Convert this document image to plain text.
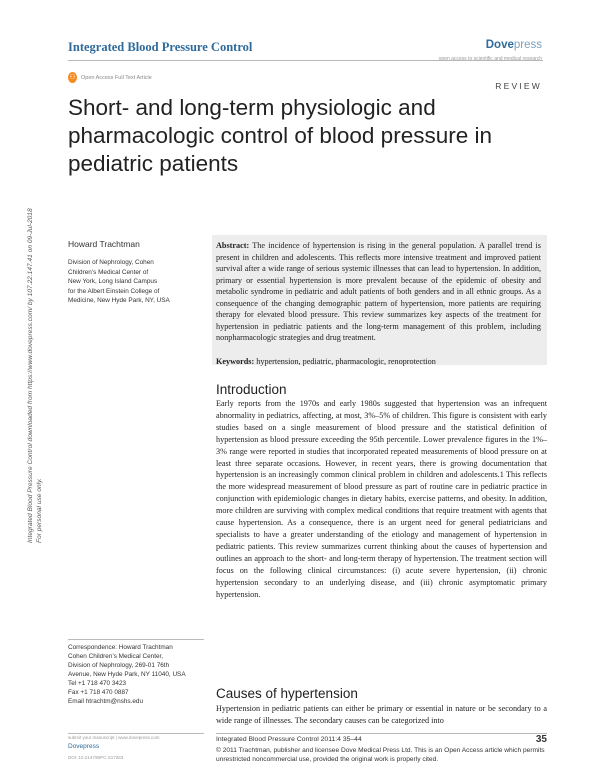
Integrated Blood Pressure Control	Dovepress
open access to scientific and medical research
⚇ Open Access Full Text Article
REVIEW
Short- and long-term physiologic and pharmacologic control of blood pressure in pediatric patients
Integrated Blood Pressure Control downloaded from https://www.dovepress.com/ by 107.22.147.41 on 09-Jul-2018
For personal use only.
Howard Trachtman
Division of Nephrology, Cohen
Children’s Medical Center of
New York, Long Island Campus
for the Albert Einstein College of
Medicine, New Hyde Park, NY, USA
Correspondence: Howard Trachtman
Cohen Children’s Medical Center,
Division of Nephrology, 269-01 76th
Avenue, New Hyde Park, NY 11040, USA
Tel +1 718 470 3423
Fax +1 718 470 0887
Email htrachtm@nshs.edu
Abstract: The incidence of hypertension is rising in the general population. A parallel trend is present in children and adolescents. This reflects more intensive treatment and improved patient survival after a wide range of serious systemic illnesses that can lead to hypertension. In addition, primary or essential hypertension is more prevalent because of the epidemic of obesity and metabolic syndrome in pediatric and adult patients of both genders and in all ethnic groups. As a consequence of the changing demographic pattern of hypertension, more patients are requiring therapy for elevated blood pressure. This review summarizes key aspects of the treatment for hypertension in pediatric patients and the long-term management of this problem, including nonpharmacologic strategies and drug treatment.
Keywords: hypertension, pediatric, pharmacologic, renoprotection
Introduction
Early reports from the 1970s and early 1980s suggested that hypertension was an infrequent abnormality in pediatrics, affecting, at most, 3%–5% of children. This figure is consistent with early studies based on a single measurement of blood pressure and the statistical definition of hypertension as blood pressure exceeding the 95th percentile. Lower prevalence figures in the 1%–3% range were reported in studies that incorporated repeated measurements of blood pressure on at least three separate occasions. However, in recent years, there is growing documentation that hypertension is an increasingly common clinical problem in children and adolescents.1 This reflects the more widespread measurement of blood pressure as part of routine care in pediatric practice in conjunction with epidemiologic changes in dietary habits, exercise patterns, and obesity. In addition, more children are surviving with complex medical conditions that require treatment with agents that cause hypertension. As a consequence, there is an urgent need for general pediatricians and specialists to have a greater understanding of the etiology and management of hypertension in pediatric patients. This review summarizes current thinking about the causes of hypertension and outlines an approach to the short- and long-term therapy of hypertension. The treatment section will focus on the following clinical circumstances: (i) acute severe hypertension, (ii) chronic hypertension secondary to an underlying disease, and (iii) chronic asymptomatic primary hypertension.
Causes of hypertension
Hypertension in pediatric patients can either be primary or essential in nature or be secondary to a wide range of illnesses. The secondary causes can be categorized into
submit your manuscript | www.dovepress.com
Dovepress
DOI: 10.2147/IBPC.S17263
Integrated Blood Pressure Control 2011:4 35–44	35
© 2011 Trachtman, publisher and licensee Dove Medical Press Ltd. This is an Open Access article which permits unrestricted noncommercial use, provided the original work is properly cited.
